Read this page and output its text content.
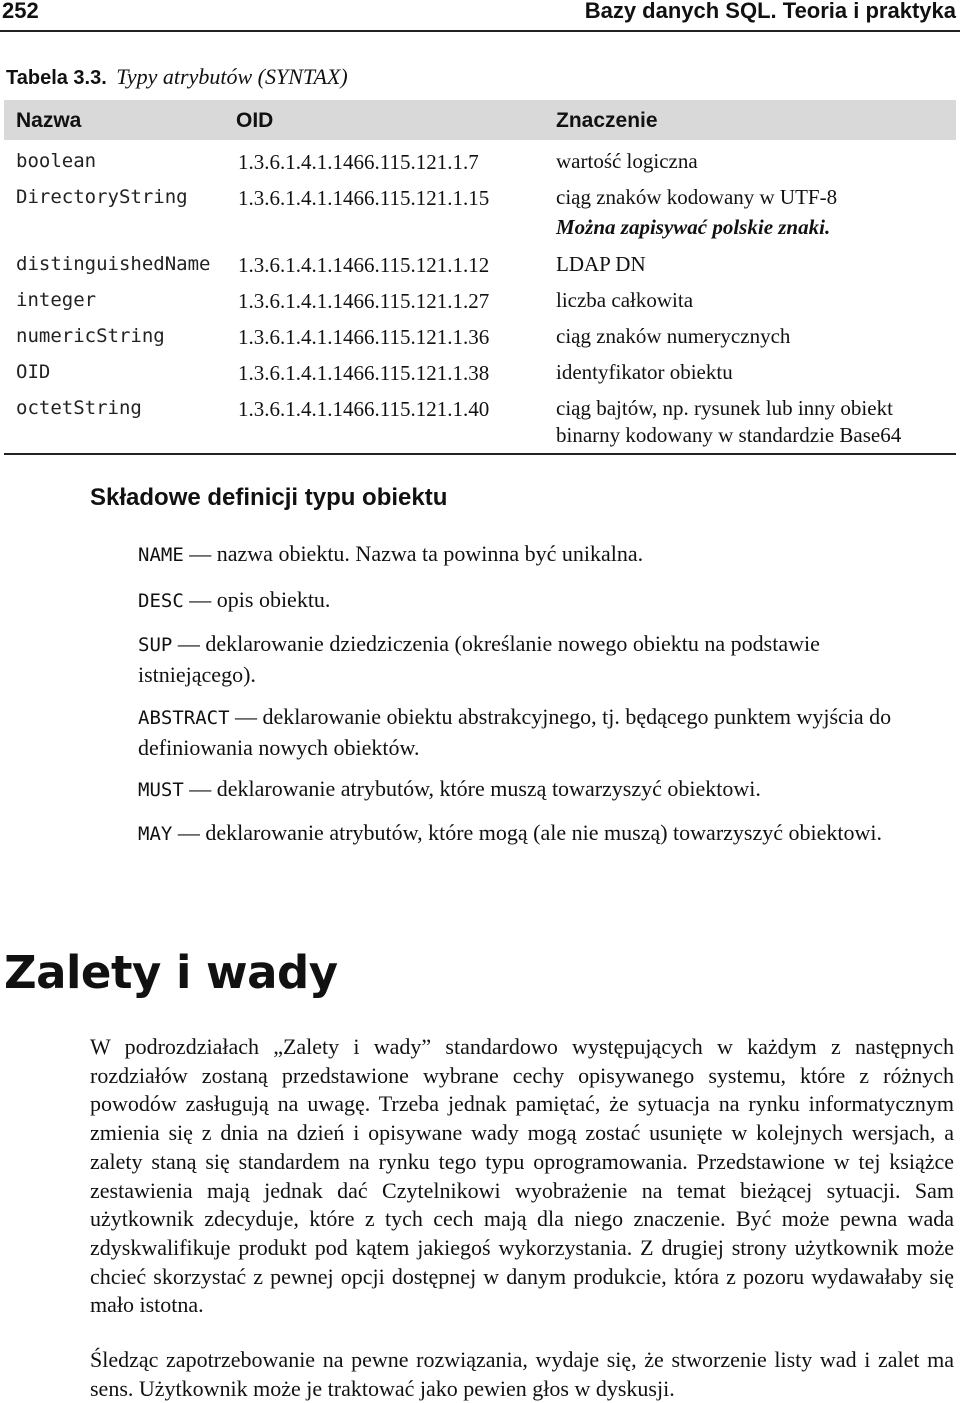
252	Bazy danych SQL. Teoria i praktyka
Tabela 3.3. Typy atrybutów (SYNTAX)
Nazwa	OID	Znaczenie
boolean	1.3.6.1.4.1.1466.115.121.1.7	wartość logiczna
DirectoryString 1.3.6.1.4.1.1466.115.121.1.15	ciąg znaków kodowany w UTF-8
Można zapisywać polskie znaki.
distinguishedName 1.3.6.1.4.1.1466.115.121.1.12	LDAP DN
integer	1.3.6.1.4.1.1466.115.121.1.27	liczba całkowita
numericString	1.3.6.1.4.1.1466.115.121.1.36	ciąg znaków numerycznych
OID	1.3.6.1.4.1.1466.115.121.1.38	identyfikator obiektu
octetString	1.3.6.1.4.1.1466.115.121.1.40	ciąg bajtów, np. rysunek lub inny obiekt
binarny kodowany w standardzie Base64
Składowe definicji typu obiektu
NAME — nazwa obiektu. Nazwa ta powinna być unikalna.
DESC — opis obiektu.
SUP — deklarowanie dziedziczenia (określanie nowego obiektu na podstawie istniejącego).
ABSTRACT — deklarowanie obiektu abstrakcyjnego, tj. będącego punktem wyjścia do definiowania nowych obiektów.
MUST — deklarowanie atrybutów, które muszą towarzyszyć obiektowi.
MAY — deklarowanie atrybutów, które mogą (ale nie muszą) towarzyszyć obiektowi.
Zalety i wady

W podrozdziałach „Zalety i wady” standardowo występujących w każdym z następnych rozdziałów zostaną przedstawione wybrane cechy opisywanego systemu, które z różnych powodów zasługują na uwagę. Trzeba jednak pamiętać, że sytuacja na rynku informatycznym zmienia się z dnia na dzień i opisywane wady mogą zostać usunięte w kolejnych wersjach, a zalety staną się standardem na rynku tego typu oprogramowania. Przedstawione w tej książce zestawienia mają jednak dać Czytelnikowi wyobrażenie na temat bieżącej sytuacji. Sam użytkownik zdecyduje, które z tych cech mają dla niego znaczenie. Być może pewna wada zdyskwalifikuje produkt pod kątem jakiegoś wykorzystania. Z drugiej strony użytkownik może chcieć skorzystać z pewnej opcji dostępnej w danym produkcie, która z pozoru wydawałaby się mało istotna.

Śledząc zapotrzebowanie na pewne rozwiązania, wydaje się, że stworzenie listy wad i zalet ma sens. Użytkownik może je traktować jako pewien głos w dyskusji.
